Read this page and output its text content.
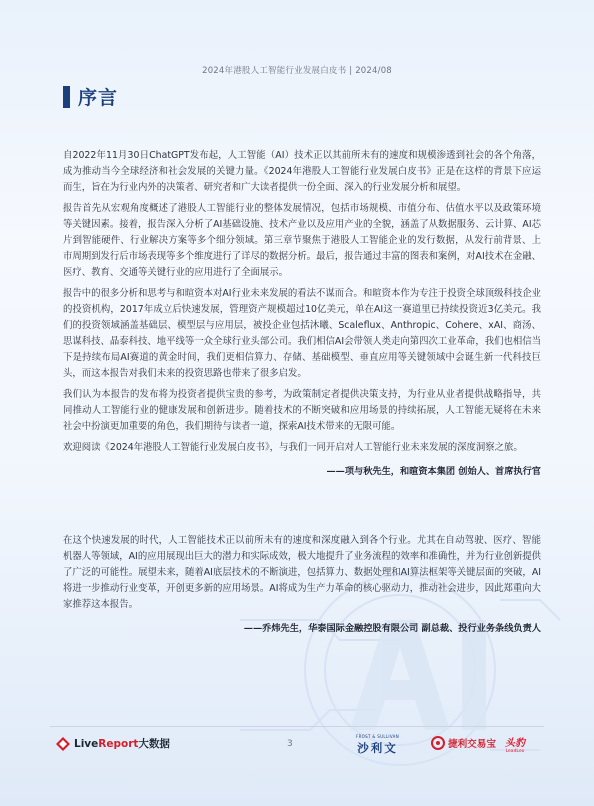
2024年港股人工智能行业发展白皮书 | 2024/08
序言

自2022年11月30日ChatGPT发布起，人工智能（AI）技术正以其前所未有的速度和规模渗透到社会的各个角落，成为推动当今全球经济和社会发展的关键力量。《2024年港股人工智能行业发展白皮书》正是在这样的背景下应运而生，旨在为行业内外的决策者、研究者和广大读者提供一份全面、深入的行业发展分析和展望。

报告首先从宏观角度概述了港股人工智能行业的整体发展情况，包括市场规模、市值分布、估值水平以及政策环境等关键因素。接着，报告深入分析了AI基础设施、技术产业以及应用产业的全貌，涵盖了从数据服务、云计算、AI芯片到智能硬件、行业解决方案等多个细分领域。第三章节聚焦于港股人工智能企业的发行数据，从发行前背景、上市周期到发行后市场表现等多个维度进行了详尽的数据分析。最后，报告通过丰富的图表和案例，对AI技术在金融、医疗、教育、交通等关键行业的应用进行了全面展示。

报告中的很多分析和思考与和暄资本对AI行业未来发展的看法不谋而合。和暄资本作为专注于投资全球顶级科技企业的投资机构，2017年成立后快速发展，管理资产规模超过10亿美元，单在AI这一赛道里已持续投资近3亿美元。我们的投资领域涵盖基础层、模型层与应用层，被投企业包括沐曦、Scaleflux、Anthropic、Cohere、xAI、商汤、思谋科技、晶泰科技、地平线等一众全球行业头部公司。我们相信AI会带领人类走向第四次工业革命，我们也相信当下是持续布局AI赛道的黄金时间，我们更相信算力、存储、基础模型、垂直应用等关键领域中会诞生新一代科技巨头，而这本报告对我们未来的投资思路也带来了很多启发。

我们认为本报告的发布将为投资者提供宝贵的参考，为政策制定者提供决策支持，为行业从业者提供战略指导，共同推动人工智能行业的健康发展和创新进步。随着技术的不断突破和应用场景的持续拓展，人工智能无疑将在未来社会中扮演更加重要的角色，我们期待与读者一道，探索AI技术带来的无限可能。

欢迎阅读《2024年港股人工智能行业发展白皮书》，与我们一同开启对人工智能行业未来发展的深度洞察之旅。

——项与秋先生，和暄资本集团 创始人、首席执行官

在这个快速发展的时代，人工智能技术正以前所未有的速度和深度融入到各个行业。尤其在自动驾驶、医疗、智能机器人等领域，AI的应用展现出巨大的潜力和实际成效，极大地提升了业务流程的效率和准确性，并为行业创新提供了广泛的可能性。展望未来，随着AI底层技术的不断演进，包括算力、数据处理和AI算法框架等关键层面的突破，AI将进一步推动行业变革，开创更多新的应用场景。AI将成为生产力革命的核心驱动力，推动社会进步，因此郑重向大家推荐这本报告。

——乔炜先生，华泰国际金融控股有限公司 副总裁、投行业务条线负责人

LiveReport大数据	3
FROST & SULLIVAN
沙利文	捷利交易宝 头豹
LeadLeo
